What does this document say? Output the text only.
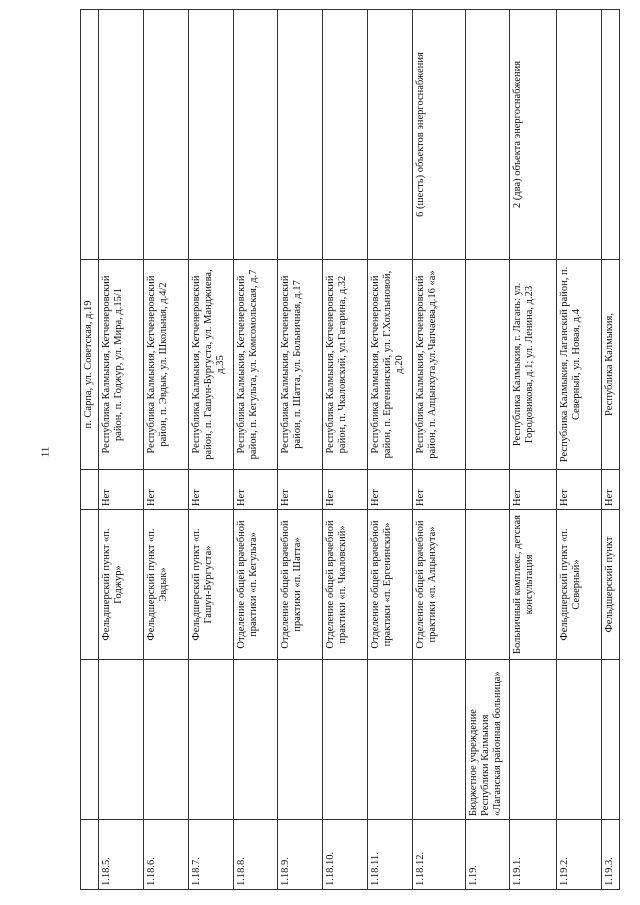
11
				п. Сарпа, ул. Советская, д.19	
1.18.5.		Фельдшерский пункт «п. Годжур»	Нет	Республика Калмыкия, Кетченеровский район, п. Годжур, ул. Мира, д.15/1	
1.18.6.		Фельдшерский пункт «п. Эвдык»	Нет	Республика Калмыкия, Кетченеровский район, п. Эвдык, ул. Школьная, д.4/2	
1.18.7.		Фельдшерский пункт «п. Гашун-Бургуста»	Нет	Республика Калмыкия, Кетченеровский район, п. Гашун-Бургуста, ул. Манджиева, д.35	
1.18.8.		Отделение общей врачебной практики «п. Кегульта»	Нет	Республика Калмыкия, Кетченеровский район, п. Кегульта, ул. Комсомольская, д.7	
1.18.9.		Отделение общей врачебной практики «п. Шатта»	Нет	Республика Калмыкия, Кетченеровский район, п. Шатта, ул. Больничная, д.17	
1.18.10.		Отделение общей врачебной практики «п. Чкаловский»	Нет	Республика Калмыкия, Кетченеровский район, п. Чкаловский, ул.Гагарина, д.32	
1.18.11.		Отделение общей врачебной практики «п. Ергенинский»	Нет	Республика Калмыкия, Кетченеровский район, п. Ергенинский, ул. Г.Хохлыновой, д.20	
1.18.12.		Отделение общей врачебной практики «п. Алцынхута»	Нет	Республика Калмыкия, Кетченеровский район, п. Алцынхута,ул.Чапчаева,д.16 «а»	6 (шесть) объектов энергоснабжения
1.19.	Бюджетное учреждение Республики Калмыкия «Лаганская районная больница»				
1.19.1.		Больничный комплекс, детская консультация	Нет	Республика Калмыкия, г. Лагань: ул. Городовикова, д.1; ул. Ленина, д.23	2 (два) объекта энергоснабжения
1.19.2.		Фельдшерский пункт «п. Северный»	Нет	Республика Калмыкия, Лаганский район, п. Северный, ул. Новая, д.4	
1.19.3.		Фельдшерский пункт	Нет	Республика Калмыкия,	
